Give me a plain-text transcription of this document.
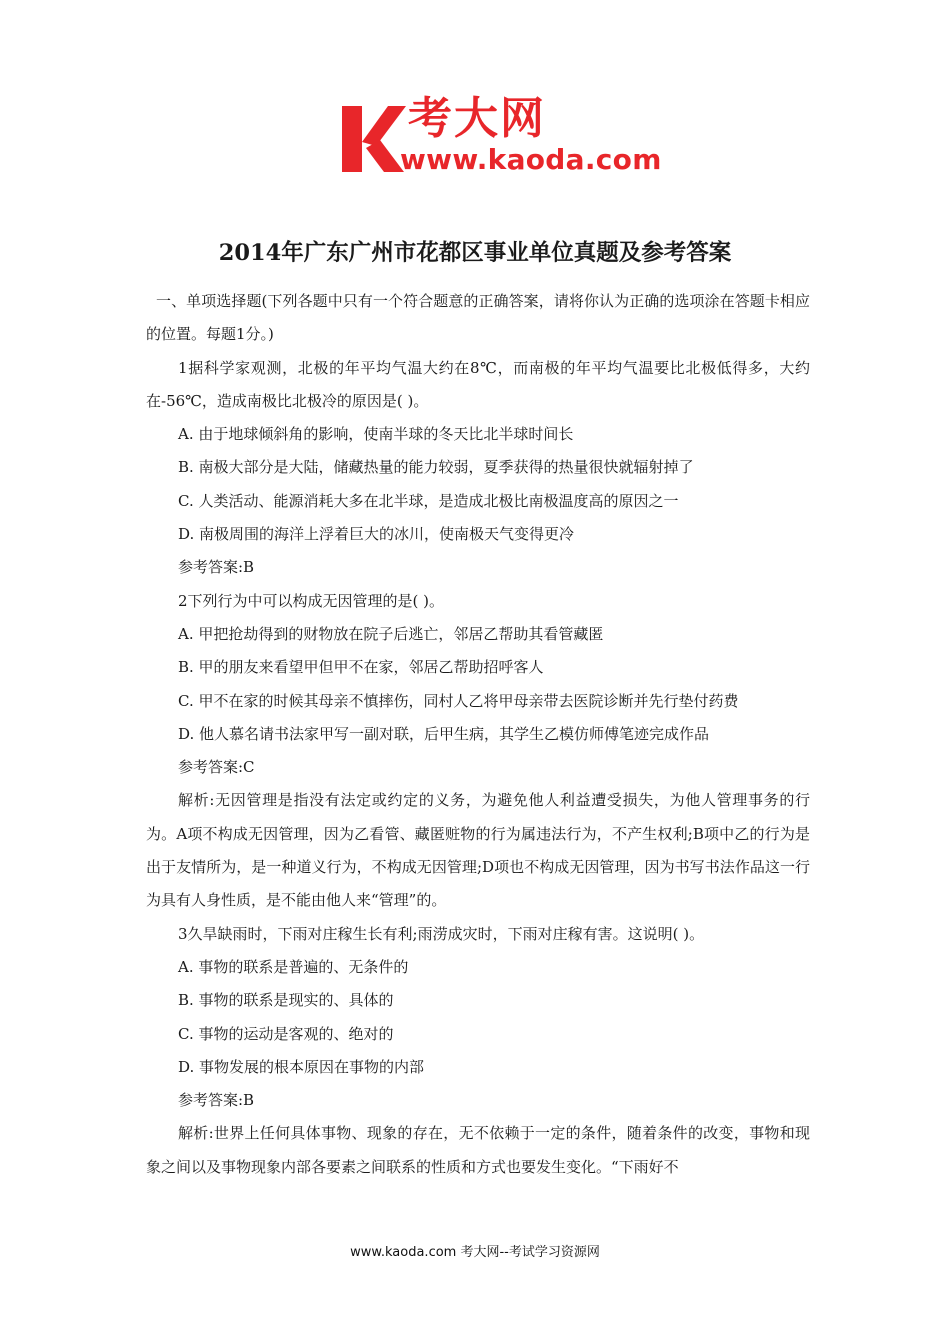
考大网
www.kaoda.com
2014年广东广州市花都区事业单位真题及参考答案

一、单项选择题(下列各题中只有一个符合题意的正确答案，请将你认为正确的选项涂在答题卡相应的位置。每题1分。)

1据科学家观测，北极的年平均气温大约在8℃，而南极的年平均气温要比北极低得多，大约在-56℃，造成南极比北极冷的原因是( )。

A. 由于地球倾斜角的影响，使南半球的冬天比北半球时间长

B. 南极大部分是大陆，储藏热量的能力较弱，夏季获得的热量很快就辐射掉了

C. 人类活动、能源消耗大多在北半球，是造成北极比南极温度高的原因之一

D. 南极周围的海洋上浮着巨大的冰川，使南极天气变得更冷

参考答案:B

2下列行为中可以构成无因管理的是( )。

A. 甲把抢劫得到的财物放在院子后逃亡，邻居乙帮助其看管藏匿

B. 甲的朋友来看望甲但甲不在家，邻居乙帮助招呼客人

C. 甲不在家的时候其母亲不慎摔伤，同村人乙将甲母亲带去医院诊断并先行垫付药费

D. 他人慕名请书法家甲写一副对联，后甲生病，其学生乙模仿师傅笔迹完成作品

参考答案:C

解析:无因管理是指没有法定或约定的义务，为避免他人利益遭受损失，为他人管理事务的行为。A项不构成无因管理，因为乙看管、藏匿赃物的行为属违法行为，不产生权利;B项中乙的行为是出于友情所为，是一种道义行为，不构成无因管理;D项也不构成无因管理，因为书写书法作品这一行为具有人身性质，是不能由他人来“管理”的。

3久旱缺雨时，下雨对庄稼生长有利;雨涝成灾时，下雨对庄稼有害。这说明( )。

A. 事物的联系是普遍的、无条件的

B. 事物的联系是现实的、具体的

C. 事物的运动是客观的、绝对的

D. 事物发展的根本原因在事物的内部

参考答案:B

解析:世界上任何具体事物、现象的存在，无不依赖于一定的条件，随着条件的改变，事物和现象之间以及事物现象内部各要素之间联系的性质和方式也要发生变化。“下雨好不

www.kaoda.com 考大网--考试学习资源网
